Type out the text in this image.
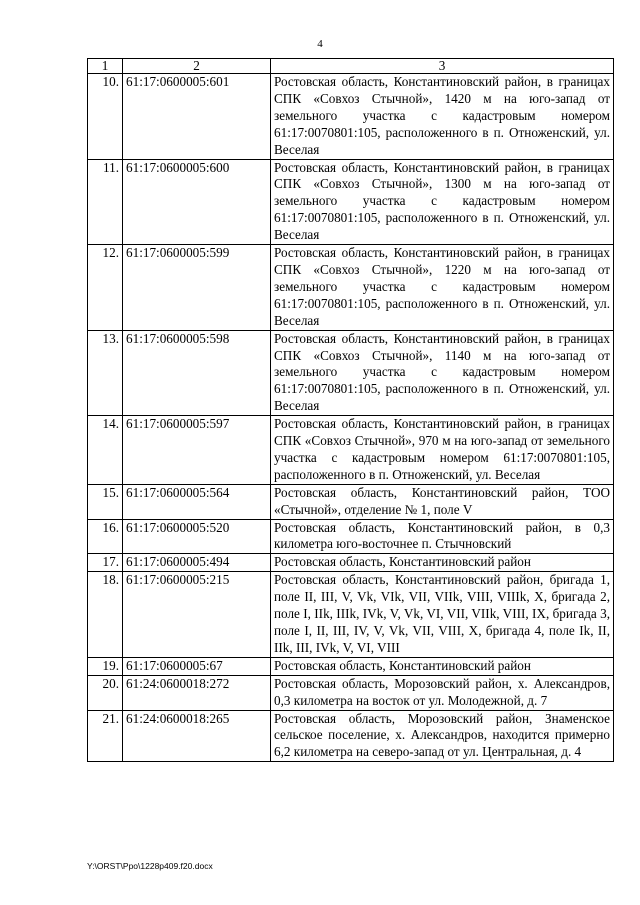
4
1	2	3
10.	61:17:0600005:601	Ростовская область, Константиновский район, в границах СПК «Совхоз Стычной», 1420 м на юго-запад от земельного участка с кадастровым номером 61:17:0070801:105, расположенного в п. Отноженский, ул. Веселая
11.	61:17:0600005:600	Ростовская область, Константиновский район, в границах СПК «Совхоз Стычной», 1300 м на юго-запад от земельного участка с кадастровым номером 61:17:0070801:105, расположенного в п. Отноженский, ул. Веселая
12.	61:17:0600005:599	Ростовская область, Константиновский район, в границах СПК «Совхоз Стычной», 1220 м на юго-запад от земельного участка с кадастровым номером 61:17:0070801:105, расположенного в п. Отноженский, ул. Веселая
13.	61:17:0600005:598	Ростовская область, Константиновский район, в границах СПК «Совхоз Стычной», 1140 м на юго-запад от земельного участка с кадастровым номером 61:17:0070801:105, расположенного в п. Отноженский, ул. Веселая
14.	61:17:0600005:597	Ростовская область, Константиновский район, в границах СПК «Совхоз Стычной», 970 м на юго-запад от земельного участка с кадастровым номером 61:17:0070801:105, расположенного в п. Отноженский, ул. Веселая
15.	61:17:0600005:564	Ростовская область, Константиновский район, ТОО «Стычной», отделение № 1, поле V
16.	61:17:0600005:520	Ростовская область, Константиновский район, в 0,3 километра юго-восточнее п. Стычновский
17.	61:17:0600005:494	Ростовская область, Константиновский район
18.	61:17:0600005:215	Ростовская область, Константиновский район, бригада 1, поле II, III, V, Vk, VIk, VII, VIIk, VIII, VIIIk, X, бригада 2, поле I, IIk, IIIk, IVk, V, Vk, VI, VII, VIIk, VIII, IX, бригада 3, поле I, II, III, IV, V, Vk, VII, VIII, X, бригада 4, поле Ik, II, IIk, III, IVk, V, VI, VIII
19.	61:17:0600005:67	Ростовская область, Константиновский район
20.	61:24:0600018:272	Ростовская область, Морозовский район, х. Александров, 0,3 километра на восток от ул. Молодежной, д. 7
21.	61:24:0600018:265	Ростовская область, Морозовский район, Знаменское сельское поселение, х. Александров, находится примерно 6,2 километра на северо-запад от ул. Центральная, д. 4
Y:\ORST\Ppo\1228p409.f20.docx
